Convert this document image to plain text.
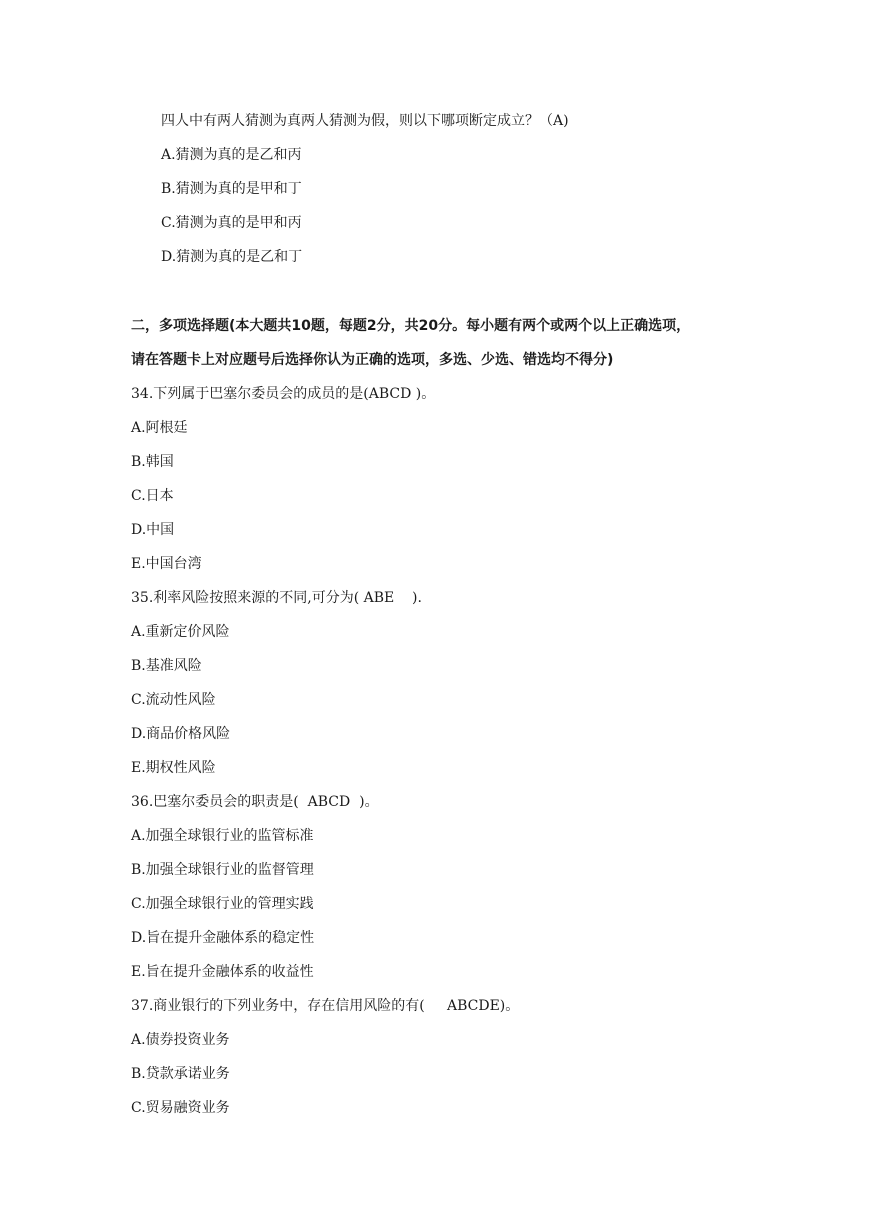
四人中有两人猜测为真两人猜测为假，则以下哪项断定成立？（A)
A.猜测为真的是乙和丙
B.猜测为真的是甲和丁
C.猜测为真的是甲和丙
D.猜测为真的是乙和丁
二，多项选择题(本大题共10题，每题2分，共20分。每小题有两个或两个以上正确选项，
请在答题卡上对应题号后选择你认为正确的选项，多选、少选、错选均不得分)
34.下列属于巴塞尔委员会的成员的是(ABCD )。
A.阿根廷
B.韩国
C.日本
D.中国
E.中国台湾
35.利率风险按照来源的不同,可分为( ABE    ).
A.重新定价风险
B.基准风险
C.流动性风险
D.商品价格风险
E.期权性风险
36.巴塞尔委员会的职责是(  ABCD  )。
A.加强全球银行业的监管标准
B.加强全球银行业的监督管理
C.加强全球银行业的管理实践
D.旨在提升金融体系的稳定性
E.旨在提升金融体系的收益性
37.商业银行的下列业务中，存在信用风险的有(     ABCDE)。
A.债券投资业务
B.贷款承诺业务
C.贸易融资业务
